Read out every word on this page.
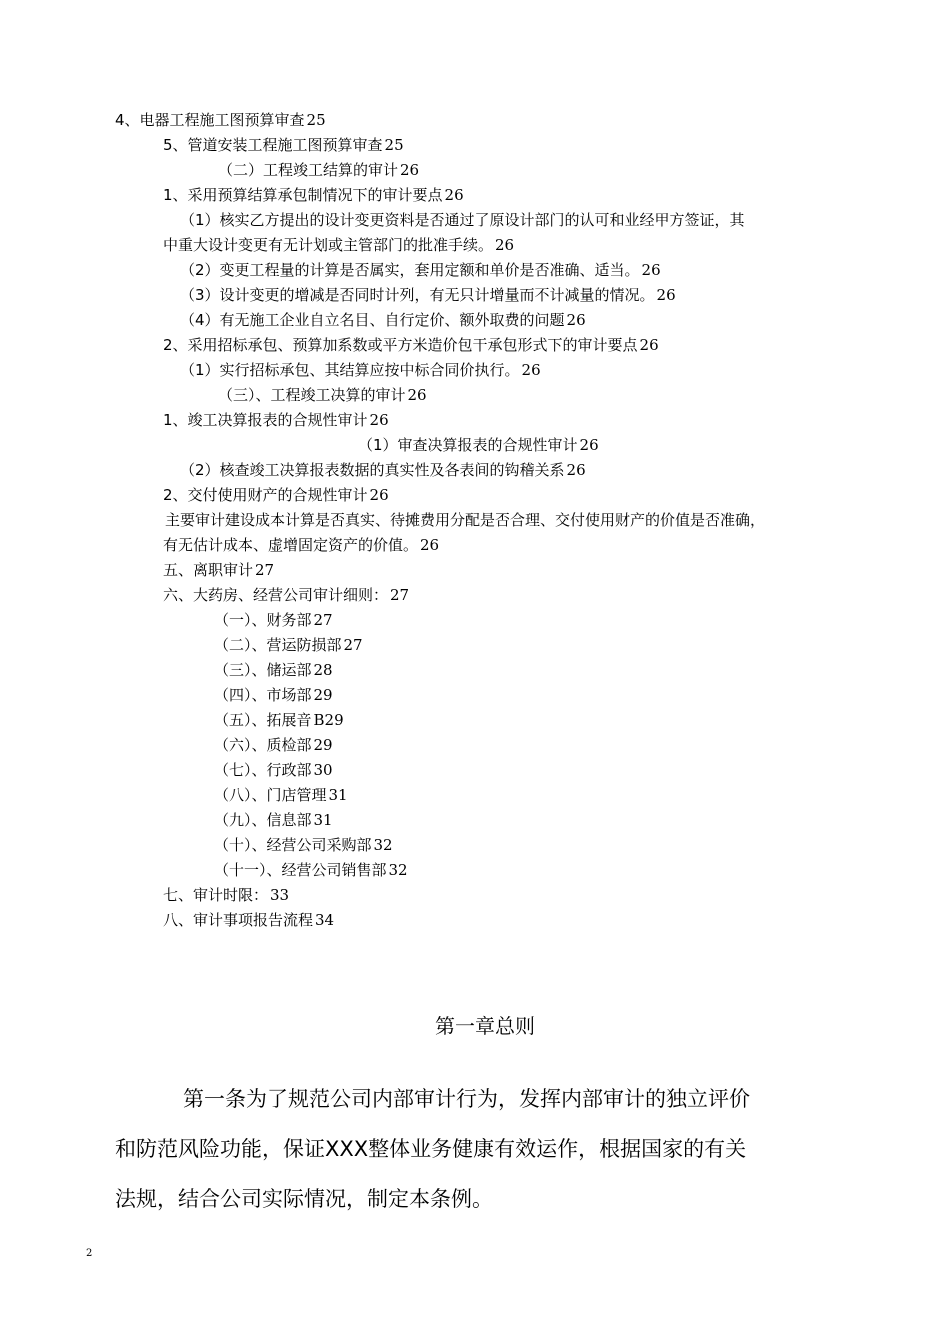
4、电器工程施工图预算审查 25
5、管道安装工程施工图预算审查 25
（二）工程竣工结算的审计 26
1、采用预算结算承包制情况下的审计要点 26
（1）核实乙方提出的设计变更资料是否通过了原设计部门的认可和业经甲方签证，其
中重大设计变更有无计划或主管部门的批准手续。 26
（2）变更工程量的计算是否属实，套用定额和单价是否准确、适当。 26
（3）设计变更的增减是否同时计列，有无只计增量而不计减量的情况。 26
（4）有无施工企业自立名目、自行定价、额外取费的问题 26
2、采用招标承包、预算加系数或平方米造价包干承包形式下的审计要点 26
（1）实行招标承包、其结算应按中标合同价执行。 26
（三）、工程竣工决算的审计 26
1、竣工决算报表的合规性审计 26
（1）审查决算报表的合规性审计 26
（2）核查竣工决算报表数据的真实性及各表间的钩稽关系 26
2、交付使用财产的合规性审计 26
主要审计建设成本计算是否真实、待摊费用分配是否合理、交付使用财产的价值是否准确，
有无估计成本、虚增固定资产的价值。 26
五、离职审计 27
六、大药房、经营公司审计细则： 27
（一）、财务部 27
（二）、营运防损部 27
（三）、储运部 28
（四）、市场部 29
（五）、拓展音 B29
（六）、质检部 29
（七）、行政部 30
（八）、门店管理 31
（九）、信息部 31
（十）、经营公司采购部 32
（十一）、经营公司销售部 32
七、审计时限： 33
八、审计事项报告流程 34
第一章总则
第一条为了规范公司内部审计行为，发挥内部审计的独立评价
和防范风险功能，保证XXX整体业务健康有效运作，根据国家的有关
法规，结合公司实际情况，制定本条例。
2
